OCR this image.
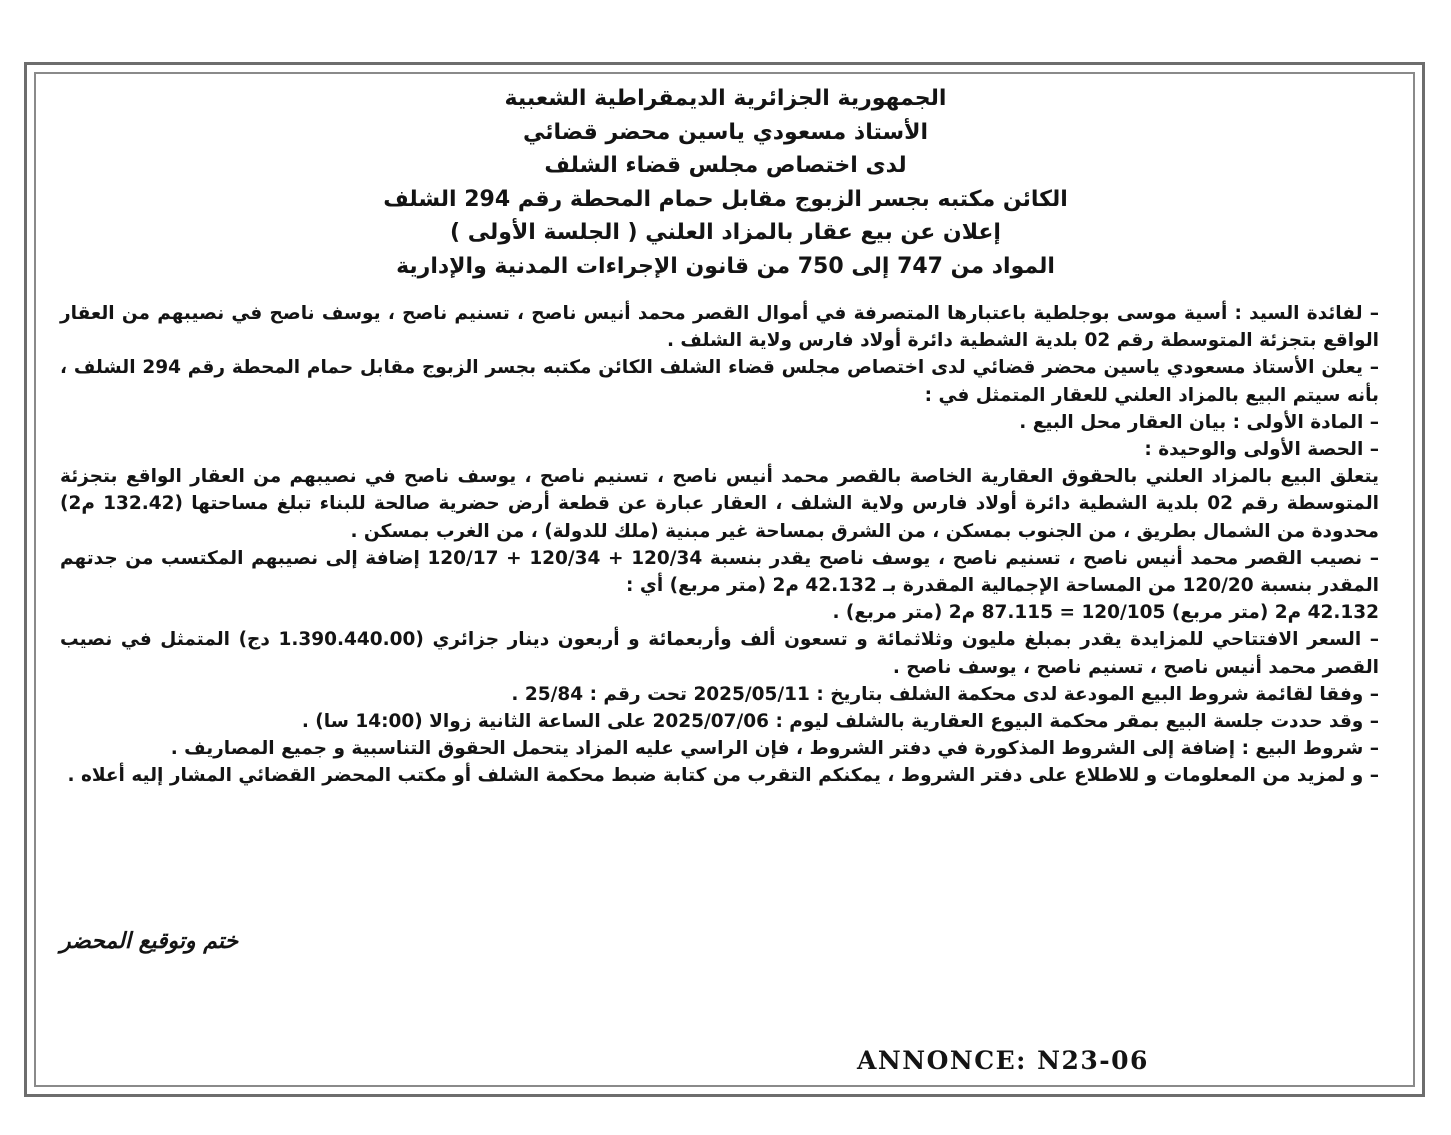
الجمهورية الجزائرية الديمقراطية الشعبية
الأستاذ مسعودي ياسين محضر قضائي
لدى اختصاص مجلس قضاء الشلف
الكائن مكتبه بجسر الزبوج مقابل حمام المحطة رقم 294 الشلف
إعلان عن بيع عقار بالمزاد العلني ( الجلسة الأولى )
المواد من 747 إلى 750 من قانون الإجراءات المدنية والإدارية

– لفائدة السيد : أسية موسى بوجلطية باعتبارها المتصرفة في أموال القصر محمد أنيس ناصح ، تسنيم ناصح ، يوسف ناصح في نصيبهم من العقار الواقع بتجزئة المتوسطة رقم 02 بلدية الشطية دائرة أولاد فارس ولاية الشلف .

– يعلن الأستاذ مسعودي ياسين محضر قضائي لدى اختصاص مجلس قضاء الشلف الكائن مكتبه بجسر الزبوج مقابل حمام المحطة رقم 294 الشلف ، بأنه سيتم البيع بالمزاد العلني للعقار المتمثل في :

– المادة الأولى : بيان العقار محل البيع .

– الحصة الأولى والوحيدة :

يتعلق البيع بالمزاد العلني بالحقوق العقارية الخاصة بالقصر محمد أنيس ناصح ، تسنيم ناصح ، يوسف ناصح في نصيبهم من العقار الواقع بتجزئة المتوسطة رقم 02 بلدية الشطية دائرة أولاد فارس ولاية الشلف ، العقار عبارة عن قطعة أرض حضرية صالحة للبناء تبلغ مساحتها (132.42 م2) محدودة من الشمال بطريق ، من الجنوب بمسكن ، من الشرق بمساحة غير مبنية (ملك للدولة) ، من الغرب بمسكن .

– نصيب القصر محمد أنيس ناصح ، تسنيم ناصح ، يوسف ناصح يقدر بنسبة 120/34 + 120/34 + 120/17 إضافة إلى نصيبهم المكتسب من جدتهم المقدر بنسبة 120/20 من المساحة الإجمالية المقدرة بـ 42.132 م2 (متر مربع) أي :

42.132 م2 (متر مربع) 120/105 = 87.115 م2 (متر مربع) .

– السعر الافتتاحي للمزايدة يقدر بمبلغ مليون وثلاثمائة و تسعون ألف وأربعمائة و أربعون دينار جزائري (1.390.440.00 دج) المتمثل في نصيب القصر محمد أنيس ناصح ، تسنيم ناصح ، يوسف ناصح .

– وفقا لقائمة شروط البيع المودعة لدى محكمة الشلف بتاريخ : 2025/05/11 تحت رقم : 25/84 .

– وقد حددت جلسة البيع بمقر محكمة البيوع العقارية بالشلف ليوم : 2025/07/06 على الساعة الثانية زوالا (14:00 سا) .

– شروط البيع : إضافة إلى الشروط المذكورة في دفتر الشروط ، فإن الراسي عليه المزاد يتحمل الحقوق التناسبية و جميع المصاريف .

– و لمزيد من المعلومات و للاطلاع على دفتر الشروط ، يمكنكم التقرب من كتابة ضبط محكمة الشلف أو مكتب المحضر القضائي المشار إليه أعلاه .

ختم وتوقيع المحضر
ANNONCE: N23-06
